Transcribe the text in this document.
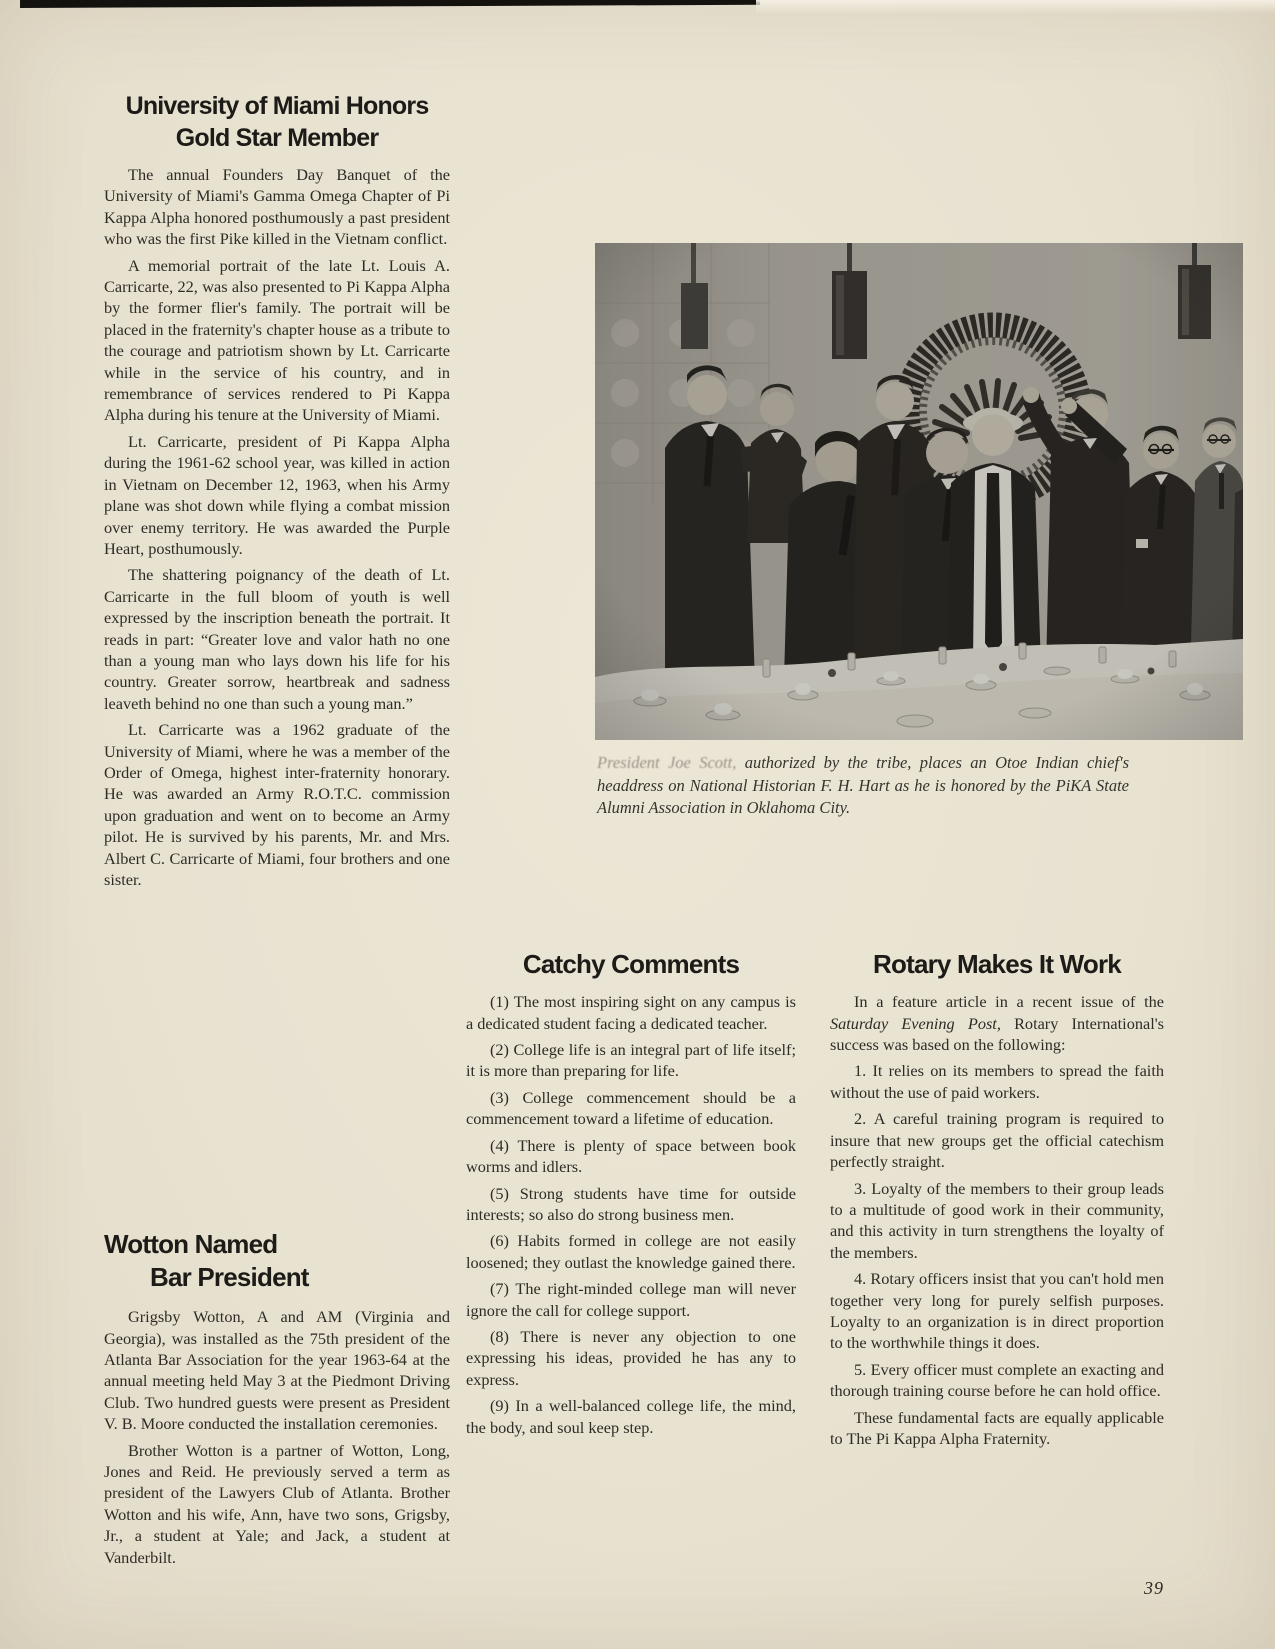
University of Miami Honors
Gold Star Member

The annual Founders Day Banquet of the University of Miami's Gamma Omega Chapter of Pi Kappa Alpha honored posthumously a past president who was the first Pike killed in the Vietnam conflict.

A memorial portrait of the late Lt. Louis A. Carricarte, 22, was also presented to Pi Kappa Alpha by the former flier's family. The portrait will be placed in the fraternity's chapter house as a tribute to the courage and patriotism shown by Lt. Carricarte while in the service of his country, and in remembrance of services rendered to Pi Kappa Alpha during his tenure at the University of Miami.

Lt. Carricarte, president of Pi Kappa Alpha during the 1961-62 school year, was killed in action in Vietnam on December 12, 1963, when his Army plane was shot down while flying a combat mission over enemy territory. He was awarded the Purple Heart, posthumously.

The shattering poignancy of the death of Lt. Carricarte in the full bloom of youth is well expressed by the inscription beneath the portrait. It reads in part: “Greater love and valor hath no one than a young man who lays down his life for his country. Greater sorrow, heartbreak and sadness leaveth behind no one than such a young man.”

Lt. Carricarte was a 1962 graduate of the University of Miami, where he was a member of the Order of Omega, highest inter-fraternity honorary. He was awarded an Army R.O.T.C. commission upon graduation and went on to become an Army pilot. He is survived by his parents, Mr. and Mrs. Albert C. Carricarte of Miami, four brothers and one sister.

Wotton Named
Bar President

Grigsby Wotton, A and AM (Virginia and Georgia), was installed as the 75th president of the Atlanta Bar Association for the year 1963-64 at the annual meeting held May 3 at the Piedmont Driving Club. Two hundred guests were present as President V. B. Moore conducted the installation ceremonies.

Brother Wotton is a partner of Wotton, Long, Jones and Reid. He previously served a term as president of the Lawyers Club of Atlanta. Brother Wotton and his wife, Ann, have two sons, Grigsby, Jr., a student at Yale; and Jack, a student at Vanderbilt.

President Joe Scott, authorized by the tribe, places an Otoe Indian chief's headdress on National Historian F. H. Hart as he is honored by the PiKA State Alumni Association in Oklahoma City.
Catchy Comments

(1) The most inspiring sight on any campus is a dedicated student facing a dedicated teacher.

(2) College life is an integral part of life itself; it is more than preparing for life.

(3) College commencement should be a commencement toward a lifetime of education.

(4) There is plenty of space between book worms and idlers.

(5) Strong students have time for outside interests; so also do strong business men.

(6) Habits formed in college are not easily loosened; they outlast the knowledge gained there.

(7) The right-minded college man will never ignore the call for college support.

(8) There is never any objection to one expressing his ideas, provided he has any to express.

(9) In a well-balanced college life, the mind, the body, and soul keep step.

Rotary Makes It Work

In a feature article in a recent issue of the Saturday Evening Post, Rotary International's success was based on the following:

1. It relies on its members to spread the faith without the use of paid workers.

2. A careful training program is required to insure that new groups get the official catechism perfectly straight.

3. Loyalty of the members to their group leads to a multitude of good work in their community, and this activity in turn strengthens the loyalty of the members.

4. Rotary officers insist that you can't hold men together very long for purely selfish purposes. Loyalty to an organization is in direct proportion to the worthwhile things it does.

5. Every officer must complete an exacting and thorough training course before he can hold office.

These fundamental facts are equally applicable to The Pi Kappa Alpha Fraternity.

39
